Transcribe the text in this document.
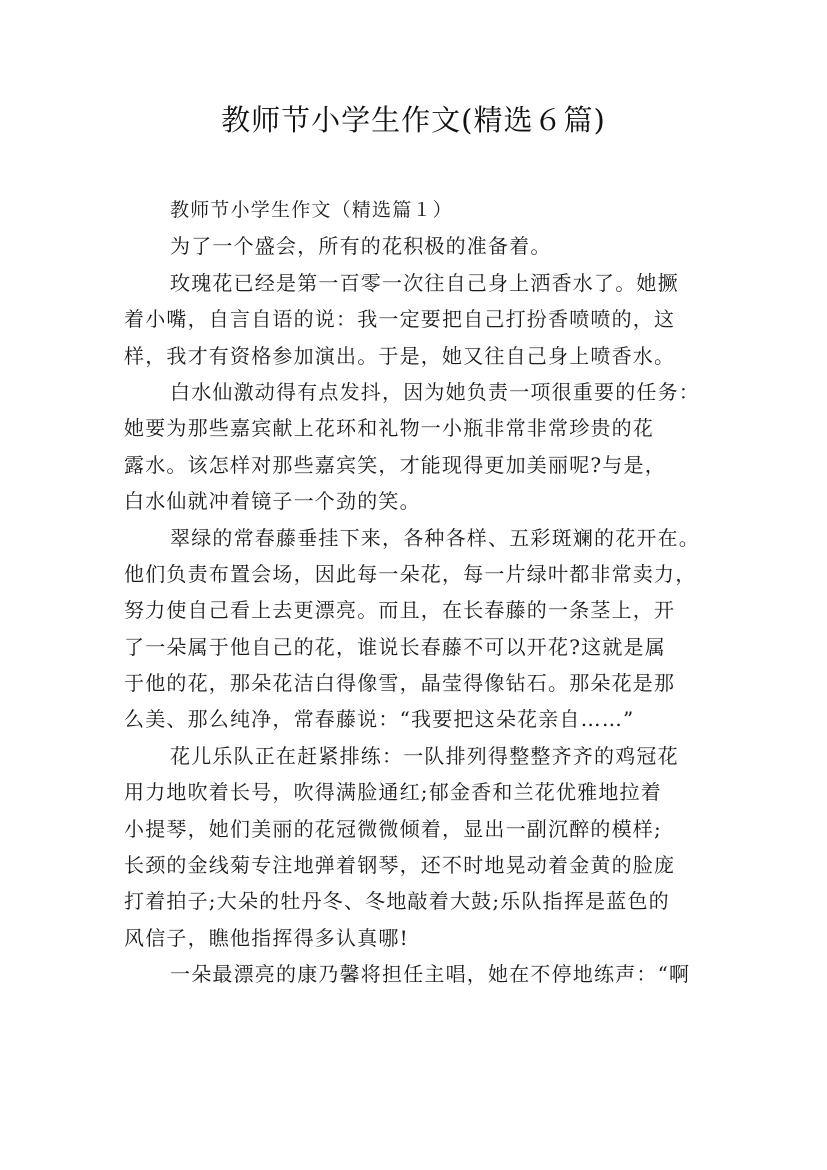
教师节小学生作文(精选６篇)
教师节小学生作文（精选篇１）
为了一个盛会，所有的花积极的准备着。
玫瑰花已经是第一百零一次往自己身上洒香水了。她撅
着小嘴，自言自语的说：我一定要把自己打扮香喷喷的，这
样，我才有资格参加演出。于是，她又往自己身上喷香水。
白水仙激动得有点发抖，因为她负责一项很重要的任务：
她要为那些嘉宾献上花环和礼物一小瓶非常非常珍贵的花
露水。该怎样对那些嘉宾笑，才能现得更加美丽呢?与是，
白水仙就冲着镜子一个劲的笑。
翠绿的常春藤垂挂下来，各种各样、五彩斑斓的花开在。
他们负责布置会场，因此每一朵花，每一片绿叶都非常卖力，
努力使自己看上去更漂亮。而且，在长春藤的一条茎上，开
了一朵属于他自己的花，谁说长春藤不可以开花?这就是属
于他的花，那朵花洁白得像雪，晶莹得像钻石。那朵花是那
么美、那么纯净，常春藤说：“我要把这朵花亲自……”
花儿乐队正在赶紧排练：一队排列得整整齐齐的鸡冠花
用力地吹着长号，吹得满脸通红;郁金香和兰花优雅地拉着
小提琴，她们美丽的花冠微微倾着，显出一副沉醉的模样;
长颈的金线菊专注地弹着钢琴，还不时地晃动着金黄的脸庞
打着拍子;大朵的牡丹冬、冬地敲着大鼓;乐队指挥是蓝色的
风信子，瞧他指挥得多认真哪!
一朵最漂亮的康乃馨将担任主唱，她在不停地练声：“啊
